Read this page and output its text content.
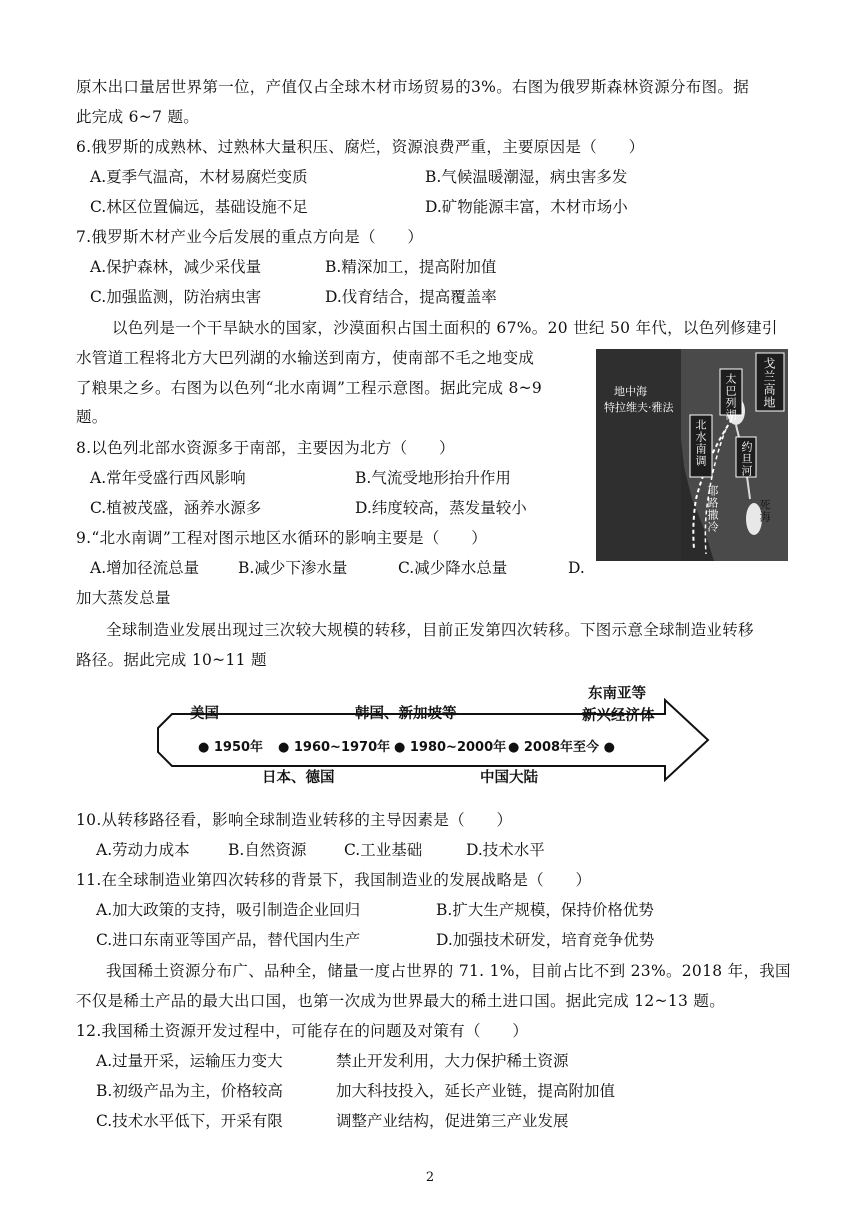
原木出口量居世界第一位，产值仅占全球木材市场贸易的3%。右图为俄罗斯森林资源分布图。据
此完成 6~7 题。
6.俄罗斯的成熟林、过熟林大量积压、腐烂，资源浪费严重，主要原因是（　　）
A.夏季气温高，木材易腐烂变质	B.气候温暖潮湿，病虫害多发
C.林区位置偏远，基础设施不足	D.矿物能源丰富，木材市场小
7.俄罗斯木材产业今后发展的重点方向是（　　）
A.保护森林，减少采伐量	B.精深加工，提高附加值
C.加强监测，防治病虫害	D.伐育结合，提高覆盖率
以色列是一个干旱缺水的国家，沙漠面积占国土面积的 67%。20 世纪 50 年代，以色列修建引
水管道工程将北方大巴列湖的水输送到南方，使南部不毛之地变成
了粮果之乡。右图为以色列“北水南调”工程示意图。据此完成 8~9
题。
戈兰高地
太巴列湖
地中海
特拉维夫·雅法
北水南调	约旦河
死海
耶路撒冷
8.以色列北部水资源多于南部，主要因为北方（　　）
A.常年受盛行西风影响	B.气流受地形抬升作用
C.植被茂盛，涵养水源多	D.纬度较高，蒸发量较小
9.“北水南调”工程对图示地区水循环的影响主要是（　　）
A.增加径流总量	B.减少下渗水量	C.减少降水总量	D.
加大蒸发总量
全球制造业发展出现过三次较大规模的转移，目前正发第四次转移。下图示意全球制造业转移
路径。据此完成 10~11 题
美国	韩国、新加坡等
东南亚等
新兴经济体
● 1950年 ● 1960~1970年 ● 1980~2000年 ● 2008年至今 ●
日本、德国	中国大陆
10.从转移路径看，影响全球制造业转移的主导因素是（　　）
A.劳动力成本 B.自然资源 C.工业基础	D.技术水平
11.在全球制造业第四次转移的背景下，我国制造业的发展战略是（　　）
A.加大政策的支持，吸引制造企业回归	B.扩大生产规模，保持价格优势
C.进口东南亚等国产品，替代国内生产	D.加强技术研发，培育竞争优势
我国稀土资源分布广、品种全，储量一度占世界的 71. 1%，目前占比不到 23%。2018 年，我国
不仅是稀土产品的最大出口国，也第一次成为世界最大的稀土进口国。据此完成 12~13 题。
12.我国稀土资源开发过程中，可能存在的问题及对策有（　　）
A.过量开采，运输压力变大	禁止开发利用，大力保护稀土资源
B.初级产品为主，价格较高	加大科技投入，延长产业链，提高附加值
C.技术水平低下，开采有限	调整产业结构，促进第三产业发展
2
